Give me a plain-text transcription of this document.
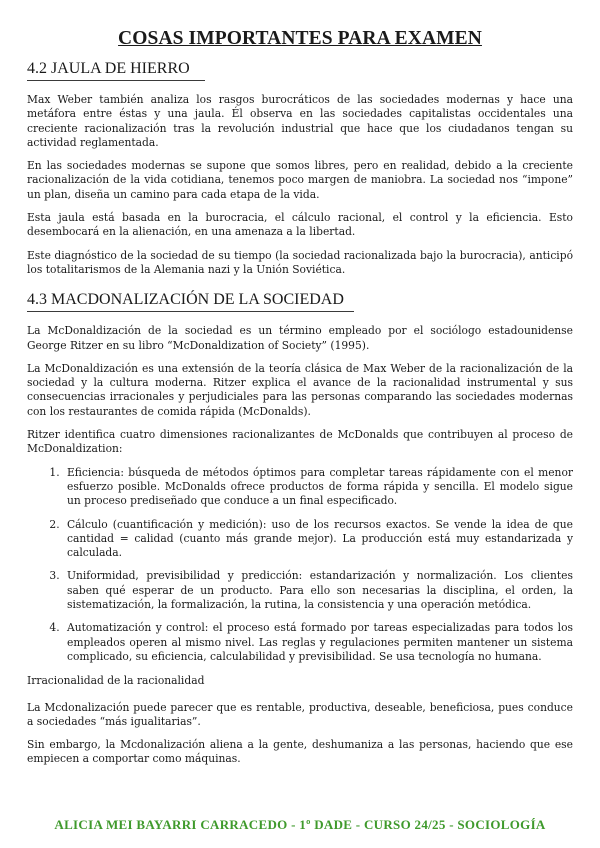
COSAS IMPORTANTES PARA EXAMEN
4.2 JAULA DE HIERRO

Max Weber también analiza los rasgos burocráticos de las sociedades modernas y hace una metáfora entre éstas y una jaula. Él observa en las sociedades capitalistas occidentales una creciente racionalización tras la revolución industrial que hace que los ciudadanos tengan su actividad reglamentada.

En las sociedades modernas se supone que somos libres, pero en realidad, debido a la creciente racionalización de la vida cotidiana, tenemos poco margen de maniobra. La sociedad nos “impone” un plan, diseña un camino para cada etapa de la vida.

Esta jaula está basada en la burocracia, el cálculo racional, el control y la eficiencia. Esto desembocará en la alienación, en una amenaza a la libertad.

Este diagnóstico de la sociedad de su tiempo (la sociedad racionalizada bajo la burocracia), anticipó los totalitarismos de la Alemania nazi y la Unión Soviética.

4.3 MACDONALIZACIÓN DE LA SOCIEDAD

La McDonaldización de la sociedad es un término empleado por el sociólogo estadounidense George Ritzer en su libro “McDonaldization of Society” (1995).

La McDonaldización es una extensión de la teoría clásica de Max Weber de la racionalización de la sociedad y la cultura moderna. Ritzer explica el avance de la racionalidad instrumental y sus consecuencias irracionales y perjudiciales para las personas comparando las sociedades modernas con los restaurantes de comida rápida (McDonalds).

Ritzer identifica cuatro dimensiones racionalizantes de McDonalds que contribuyen al proceso de McDonaldization:

1. Eficiencia: búsqueda de métodos óptimos para completar tareas rápidamente con el menor esfuerzo posible. McDonalds ofrece productos de forma rápida y sencilla. El modelo sigue un proceso prediseñado que conduce a un final especificado.
2. Cálculo (cuantificación y medición): uso de los recursos exactos. Se vende la idea de que cantidad = calidad (cuanto más grande mejor). La producción está muy estandarizada y calculada.
3. Uniformidad, previsibilidad y predicción: estandarización y normalización. Los clientes saben qué esperar de un producto. Para ello son necesarias la disciplina, el orden, la sistematización, la formalización, la rutina, la consistencia y una operación metódica.
4. Automatización y control: el proceso está formado por tareas especializadas para todos los empleados operen al mismo nivel. Las reglas y regulaciones permiten mantener un sistema complicado, su eficiencia, calculabilidad y previsibilidad. Se usa tecnología no humana.

Irracionalidad de la racionalidad

La Mcdonalización puede parecer que es rentable, productiva, deseable, beneficiosa, pues conduce a sociedades “más igualitarias”.

Sin embargo, la Mcdonalización aliena a la gente, deshumaniza a las personas, haciendo que ese empiecen a comportar como máquinas.

ALICIA MEI BAYARRI CARRACEDO - 1º DADE - CURSO 24/25 - SOCIOLOGÍA
